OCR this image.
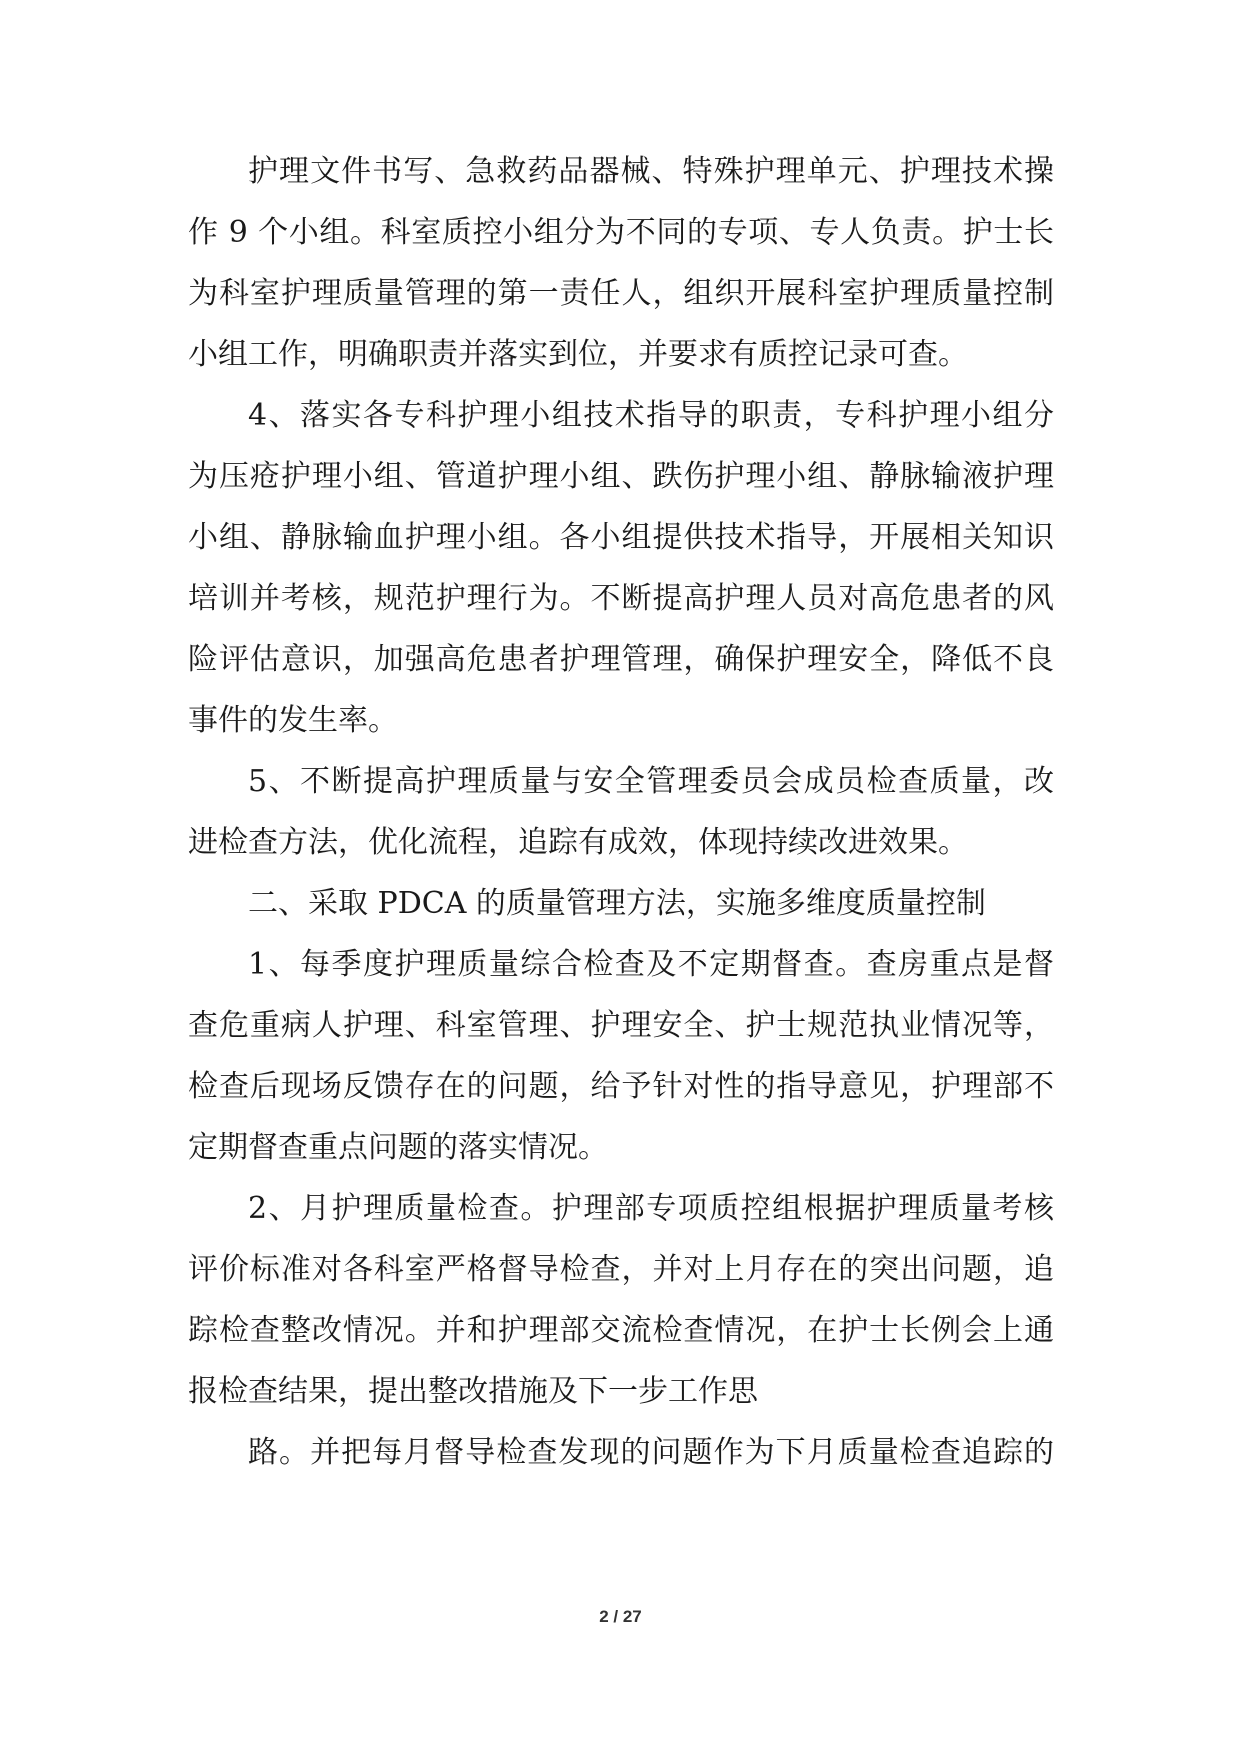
护理文件书写、急救药品器械、特殊护理单元、护理技术操
作 9 个小组。科室质控小组分为不同的专项、专人负责。护士长
为科室护理质量管理的第一责任人，组织开展科室护理质量控制
小组工作，明确职责并落实到位，并要求有质控记录可查。
4、落实各专科护理小组技术指导的职责，专科护理小组分
为压疮护理小组、管道护理小组、跌伤护理小组、静脉输液护理
小组、静脉输血护理小组。各小组提供技术指导，开展相关知识
培训并考核，规范护理行为。不断提高护理人员对高危患者的风
险评估意识，加强高危患者护理管理，确保护理安全，降低不良
事件的发生率。
5、不断提高护理质量与安全管理委员会成员检查质量，改
进检查方法，优化流程，追踪有成效，体现持续改进效果。
二、采取 PDCA 的质量管理方法，实施多维度质量控制
1、每季度护理质量综合检查及不定期督查。查房重点是督
查危重病人护理、科室管理、护理安全、护士规范执业情况等，
检查后现场反馈存在的问题，给予针对性的指导意见，护理部不
定期督查重点问题的落实情况。
2、月护理质量检查。护理部专项质控组根据护理质量考核
评价标准对各科室严格督导检查，并对上月存在的突出问题，追
踪检查整改情况。并和护理部交流检查情况，在护士长例会上通
报检查结果，提出整改措施及下一步工作思
路。并把每月督导检查发现的问题作为下月质量检查追踪的
2 / 27
